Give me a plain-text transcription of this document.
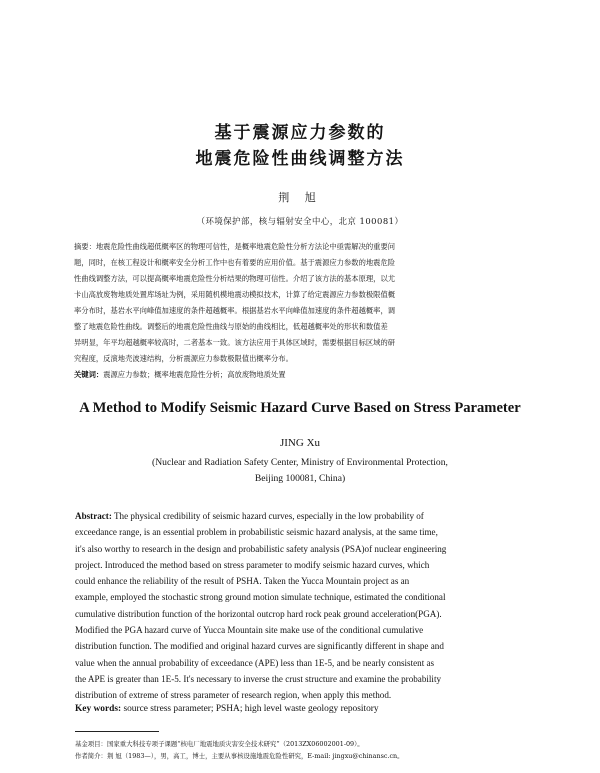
基于震源应力参数的
地震危险性曲线调整方法
荆 旭
（环境保护部，核与辐射安全中心，北京 100081）

摘要：地震危险性曲线超低概率区的物理可信性，是概率地震危险性分析方法论中亟需解决的重要问

题，同时，在核工程设计和概率安全分析工作中也有着要的应用价值。基于震源应力参数的地震危险

性曲线调整方法，可以提高概率地震危险性分析结果的物理可信性。介绍了该方法的基本原理，以尤

卡山高放废物地质处置库场址为例，采用随机模地震动模拟技术，计算了给定震源应力参数极限值概

率分布时，基岩水平向峰值加速度的条件超越概率。根据基岩水平向峰值加速度的条件超越概率，调

整了地震危险性曲线。调整后的地震危险性曲线与原始的曲线相比，低超越概率处的形状和数值差

异明显，年平均超越概率较高时，二者基本一致。该方法应用于具体区域时，需要根据目标区域的研

究程度，反演地壳波速结构，分析震源应力参数极限值出概率分布。

关键词：震源应力参数；概率地震危险性分析；高放废物地质处置
A Method to Modify Seismic Hazard Curve Based on Stress Parameter
JING Xu
(Nuclear and Radiation Safety Center, Ministry of Environmental Protection,
Beijing 100081, China)

Abstract: The physical credibility of seismic hazard curves, especially in the low probability of

exceedance range, is an essential problem in probabilistic seismic hazard analysis, at the same time,

it's also worthy to research in the design and probabilistic safety analysis (PSA)of nuclear engineering

project. Introduced the method based on stress parameter to modify seismic hazard curves, which

could enhance the reliability of the result of PSHA. Taken the Yucca Mountain project as an

example, employed the stochastic strong ground motion simulate technique, estimated the conditional

cumulative distribution function of the horizontal outcrop hard rock peak ground acceleration(PGA).

Modified the PGA hazard curve of Yucca Mountain site make use of the conditional cumulative

distribution function. The modified and original hazard curves are significantly different in shape and

value when the annual probability of exceedance (APE) less than 1E-5, and be nearly consistent as

the APE is greater than 1E-5. It's necessary to inverse the crust structure and examine the probability

distribution of extreme of stress parameter of research region, when apply this method.

Key words: source stress parameter; PSHA; high level waste geology repository
基金项目：国家重大科技专项子课题“核电厂地震地质灾害安全技术研究”（2013ZX06002001-09）。
作者简介：荆 旭（1983—），男，高工，博士，主要从事核设施地震危险性研究，E-mail: jingxu@chinansc.cn。
